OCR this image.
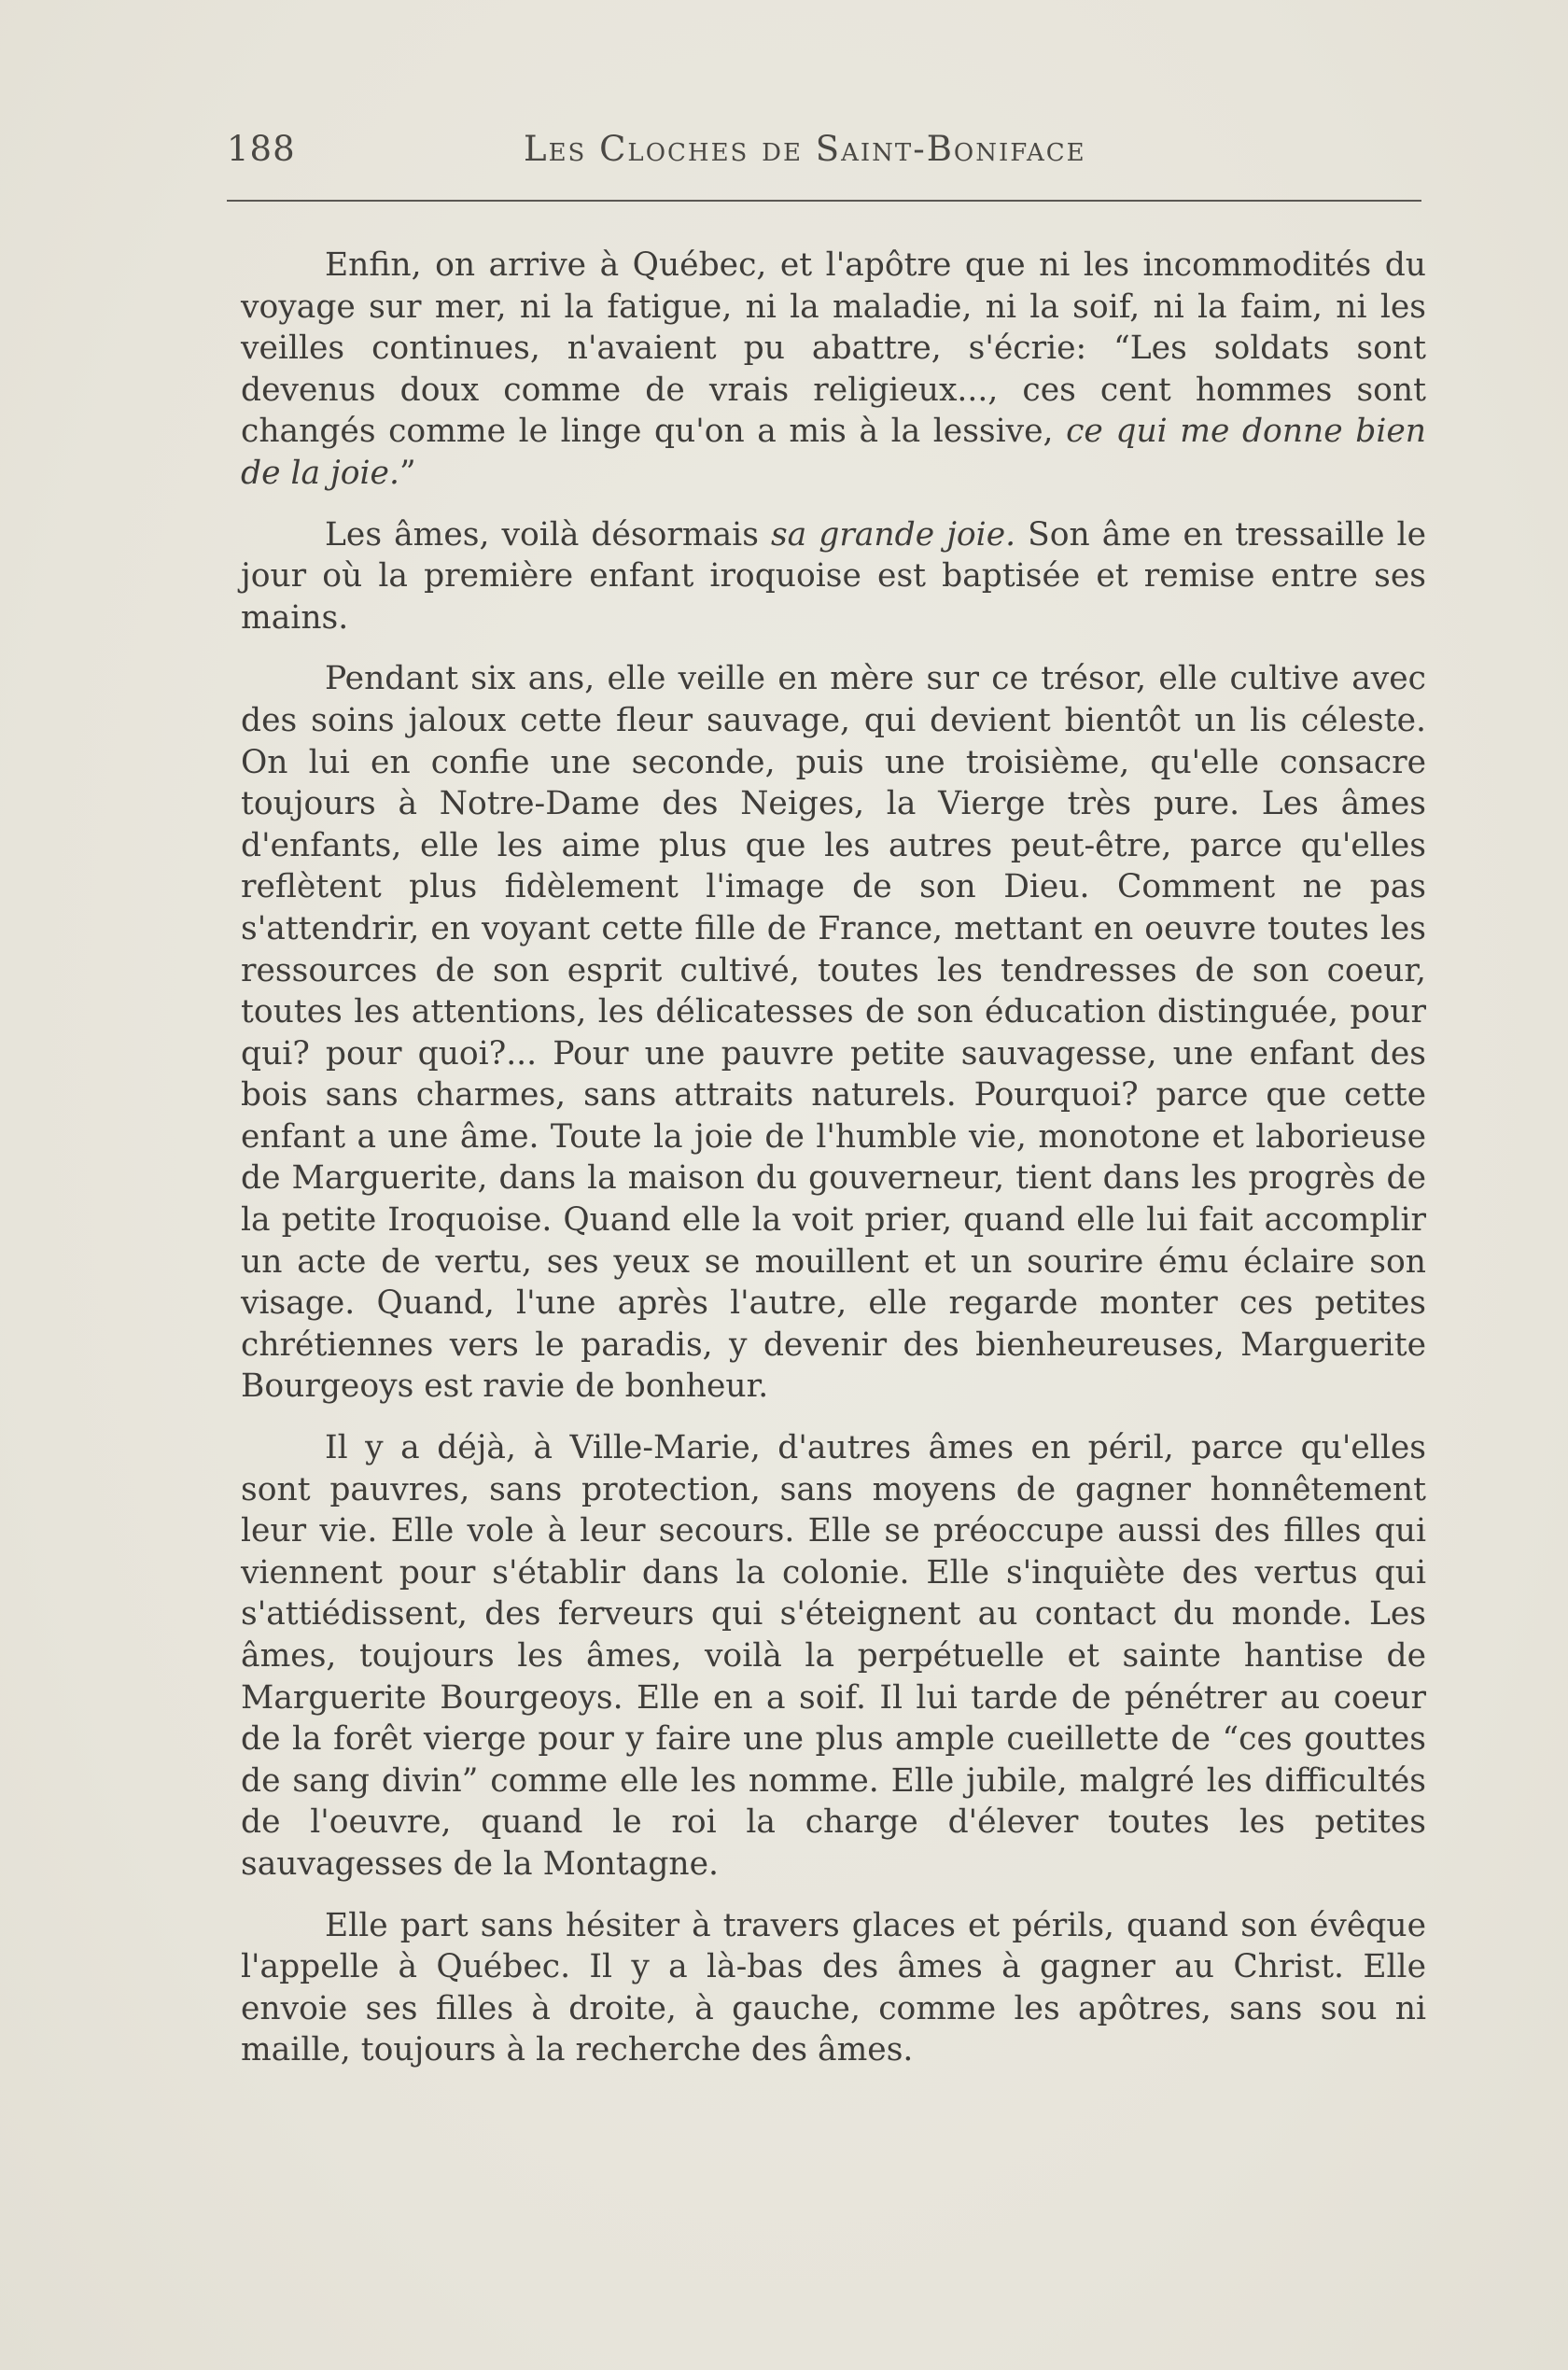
188	Les Cloches de Saint-Boniface

Enfin, on arrive à Québec, et l'apôtre que ni les incommodités du voyage sur mer, ni la fatigue, ni la maladie, ni la soif, ni la faim, ni les veilles continues, n'avaient pu abattre, s'écrie: “Les soldats sont devenus doux comme de vrais religieux..., ces cent hommes sont changés comme le linge qu'on a mis à la lessive, ce qui me donne bien de la joie.”

Les âmes, voilà désormais sa grande joie. Son âme en tressaille le jour où la première enfant iroquoise est baptisée et remise entre ses mains.

Pendant six ans, elle veille en mère sur ce trésor, elle cultive avec des soins jaloux cette fleur sauvage, qui devient bientôt un lis céleste. On lui en confie une seconde, puis une troisième, qu'elle consacre toujours à Notre-Dame des Neiges, la Vierge très pure. Les âmes d'enfants, elle les aime plus que les autres peut-être, parce qu'elles reflètent plus fidèlement l'image de son Dieu. Comment ne pas s'attendrir, en voyant cette fille de France, mettant en oeuvre toutes les ressources de son esprit cultivé, toutes les tendresses de son coeur, toutes les attentions, les délicatesses de son éducation distinguée, pour qui? pour quoi?... Pour une pauvre petite sauvagesse, une enfant des bois sans charmes, sans attraits naturels. Pourquoi? parce que cette enfant a une âme. Toute la joie de l'humble vie, monotone et laborieuse de Marguerite, dans la maison du gouverneur, tient dans les progrès de la petite Iroquoise. Quand elle la voit prier, quand elle lui fait accomplir un acte de vertu, ses yeux se mouillent et un sourire ému éclaire son visage. Quand, l'une après l'autre, elle regarde monter ces petites chrétiennes vers le paradis, y devenir des bienheureuses, Marguerite Bourgeoys est ravie de bonheur.

Il y a déjà, à Ville-Marie, d'autres âmes en péril, parce qu'elles sont pauvres, sans protection, sans moyens de gagner honnêtement leur vie. Elle vole à leur secours. Elle se préoccupe aussi des filles qui viennent pour s'établir dans la colonie. Elle s'inquiète des vertus qui s'attiédissent, des ferveurs qui s'éteignent au contact du monde. Les âmes, toujours les âmes, voilà la perpétuelle et sainte hantise de Marguerite Bourgeoys. Elle en a soif. Il lui tarde de pénétrer au coeur de la forêt vierge pour y faire une plus ample cueillette de “ces gouttes de sang divin” comme elle les nomme. Elle jubile, malgré les difficultés de l'oeuvre, quand le roi la charge d'élever toutes les petites sauvagesses de la Montagne.

Elle part sans hésiter à travers glaces et périls, quand son évêque l'appelle à Québec. Il y a là-bas des âmes à gagner au Christ. Elle envoie ses filles à droite, à gauche, comme les apôtres, sans sou ni maille, toujours à la recherche des âmes.
